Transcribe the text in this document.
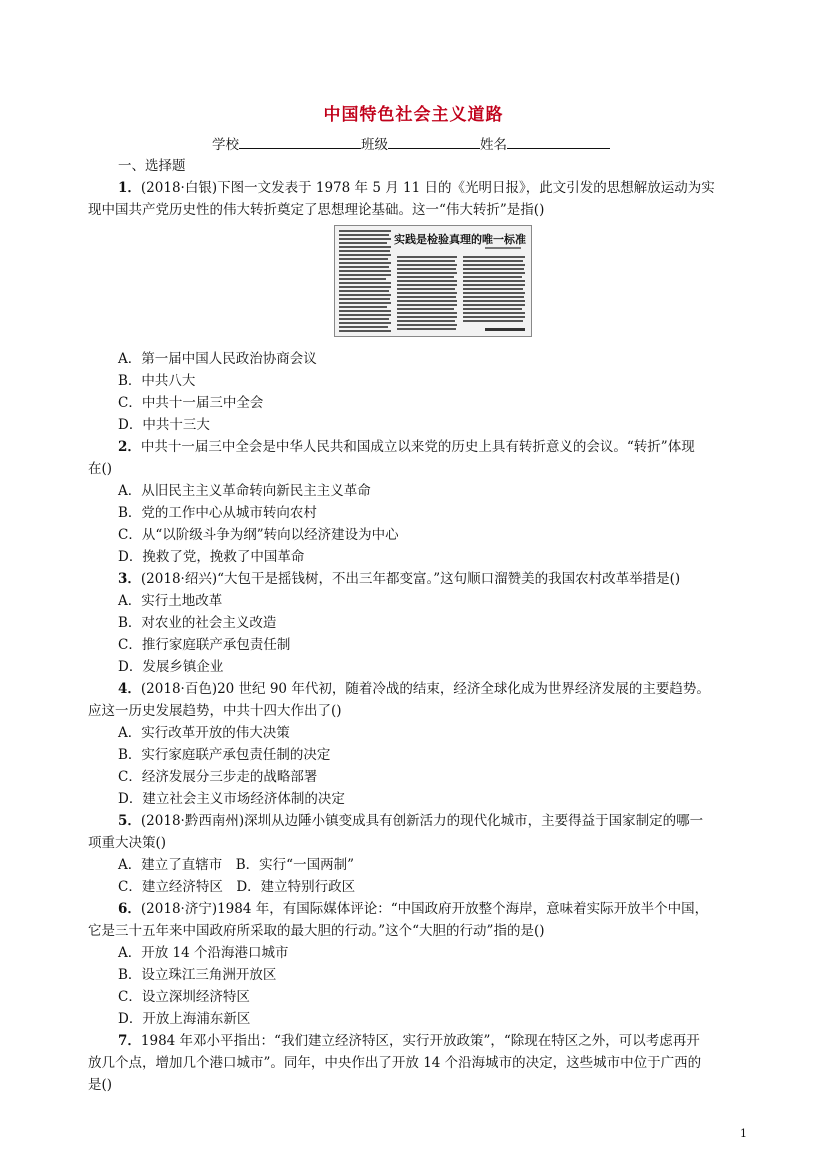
中国特色社会主义道路
学校	班级	姓名
一、选择题
1．(2018·白银)下图一文发表于 1978 年 5 月 11 日的《光明日报》，此文引发的思想解放运动为实
现中国共产党历史性的伟大转折奠定了思想理论基础。这一“伟大转折”是指()
实践是检验真理的唯一标准
A．第一届中国人民政治协商会议
B．中共八大
C．中共十一届三中全会
D．中共十三大
2．中共十一届三中全会是中华人民共和国成立以来党的历史上具有转折意义的会议。“转折”体现
在()
A．从旧民主主义革命转向新民主主义革命
B．党的工作中心从城市转向农村
C．从“以阶级斗争为纲”转向以经济建设为中心
D．挽救了党，挽救了中国革命
3．(2018·绍兴)“大包干是摇钱树，不出三年都变富。”这句顺口溜赞美的我国农村改革举措是()
A．实行土地改革
B．对农业的社会主义改造
C．推行家庭联产承包责任制
D．发展乡镇企业
4．(2018·百色)20 世纪 90 年代初，随着冷战的结束，经济全球化成为世界经济发展的主要趋势。
应这一历史发展趋势，中共十四大作出了()
A．实行改革开放的伟大决策
B．实行家庭联产承包责任制的决定
C．经济发展分三步走的战略部署
D．建立社会主义市场经济体制的决定
5．(2018·黔西南州)深圳从边陲小镇变成具有创新活力的现代化城市，主要得益于国家制定的哪一
项重大决策()
A．建立了直辖市　B．实行“一国两制”
C．建立经济特区　D．建立特别行政区
6．(2018·济宁)1984 年，有国际媒体评论：“中国政府开放整个海岸，意味着实际开放半个中国，
它是三十五年来中国政府所采取的最大胆的行动。”这个“大胆的行动”指的是()
A．开放 14 个沿海港口城市
B．设立珠江三角洲开放区
C．设立深圳经济特区
D．开放上海浦东新区
7．1984 年邓小平指出：“我们建立经济特区，实行开放政策”，“除现在特区之外，可以考虑再开
放几个点，增加几个港口城市”。同年，中央作出了开放 14 个沿海城市的决定，这些城市中位于广西的
是()
1
